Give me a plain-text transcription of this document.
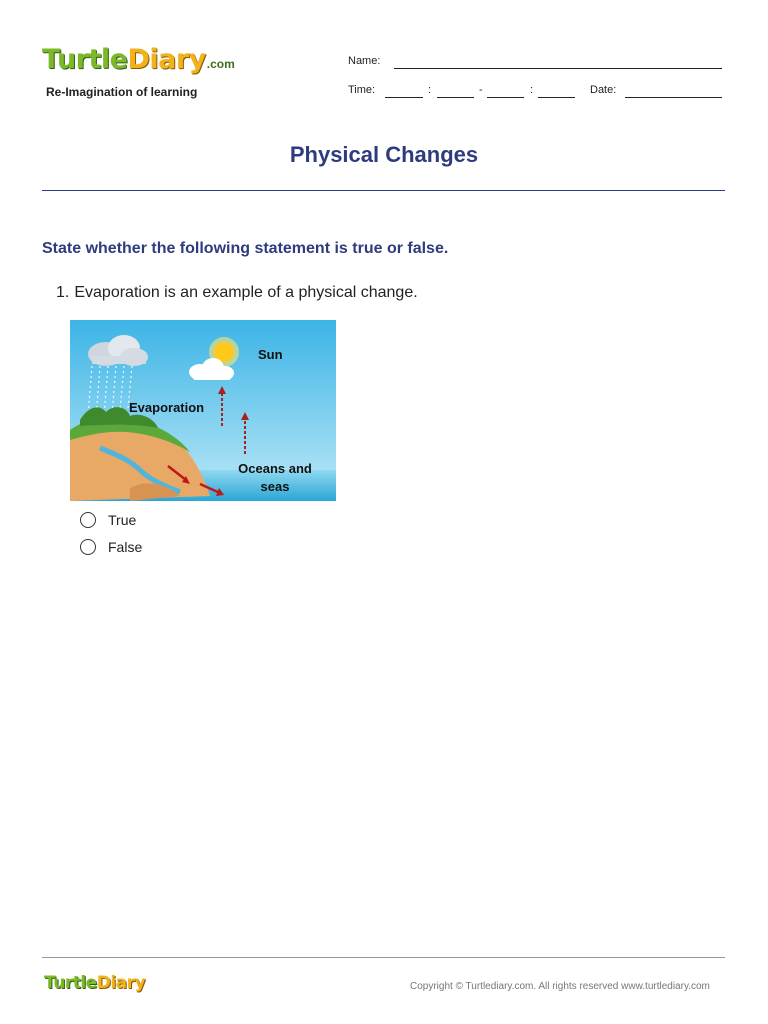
TurtleDiary.com
Re-Imagination of learning
Name:
Time:	:	-	:	Date:
Physical Changes
State whether the following statement is true or false.
1. Evaporation is an example of a physical change.
Sun
Evaporation
Oceans and
seas
True
False
TurtleDiary	Copyright © Turtlediary.com. All rights reserved www.turtlediary.com
